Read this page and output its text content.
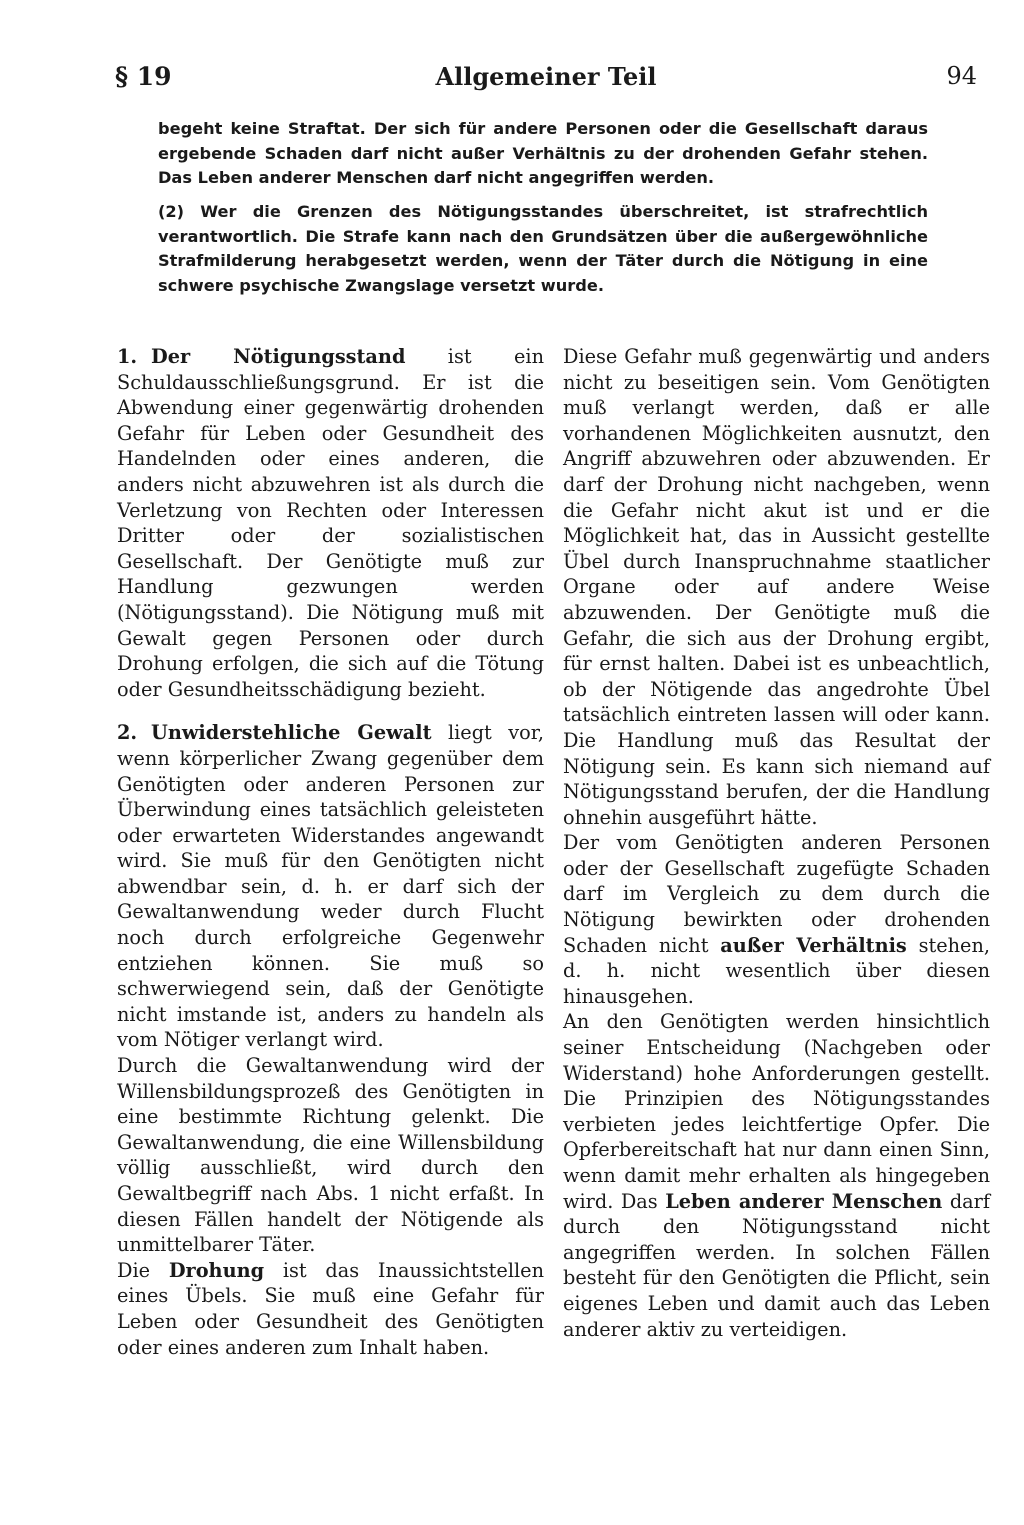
§ 19	Allgemeiner Teil	94
begeht keine Straftat. Der sich für andere Personen oder die Gesellschaft daraus ergebende Schaden darf nicht außer Verhältnis zu der drohenden Gefahr stehen. Das Leben anderer Menschen darf nicht angegriffen werden.
(2) Wer die Grenzen des Nötigungsstandes überschreitet, ist strafrechtlich verantwortlich. Die Strafe kann nach den Grundsätzen über die außergewöhnliche Strafmilderung herabgesetzt werden, wenn der Täter durch die Nötigung in eine schwere psychische Zwangslage versetzt wurde.

1. Der Nötigungsstand ist ein Schuldausschließungsgrund. Er ist die Abwendung einer gegenwärtig drohenden Gefahr für Leben oder Gesundheit des Handelnden oder eines anderen, die anders nicht abzuwehren ist als durch die Verletzung von Rechten oder Interessen Dritter oder der sozialistischen Gesellschaft. Der Genötigte muß zur Handlung gezwungen werden (Nötigungsstand). Die Nötigung muß mit Gewalt gegen Personen oder durch Drohung erfolgen, die sich auf die Tötung oder Gesundheitsschädigung bezieht.

2. Unwiderstehliche Gewalt liegt vor, wenn körperlicher Zwang gegenüber dem Genötigten oder anderen Personen zur Überwindung eines tatsächlich geleisteten oder erwarteten Widerstandes angewandt wird. Sie muß für den Genötigten nicht abwendbar sein, d. h. er darf sich der Gewaltanwendung weder durch Flucht noch durch erfolgreiche Gegenwehr entziehen können. Sie muß so schwerwiegend sein, daß der Genötigte nicht imstande ist, anders zu handeln als vom Nötiger verlangt wird.

Durch die Gewaltanwendung wird der Willensbildungsprozeß des Genötigten in eine bestimmte Richtung gelenkt. Die Gewaltanwendung, die eine Willensbildung völlig ausschließt, wird durch den Gewaltbegriff nach Abs. 1 nicht erfaßt. In diesen Fällen handelt der Nötigende als unmittelbarer Täter.

Die Drohung ist das Inaussichtstellen eines Übels. Sie muß eine Gefahr für Leben oder Gesundheit des Genötigten oder eines anderen zum Inhalt haben.

Diese Gefahr muß gegenwärtig und anders nicht zu beseitigen sein. Vom Genötigten muß verlangt werden, daß er alle vorhandenen Möglichkeiten ausnutzt, den Angriff abzuwehren oder abzuwenden. Er darf der Drohung nicht nachgeben, wenn die Gefahr nicht akut ist und er die Möglichkeit hat, das in Aussicht gestellte Übel durch Inanspruchnahme staatlicher Organe oder auf andere Weise abzuwenden. Der Genötigte muß die Gefahr, die sich aus der Drohung ergibt, für ernst halten. Dabei ist es unbeachtlich, ob der Nötigende das angedrohte Übel tatsächlich eintreten lassen will oder kann. Die Handlung muß das Resultat der Nötigung sein. Es kann sich niemand auf Nötigungsstand berufen, der die Handlung ohnehin ausgeführt hätte.

Der vom Genötigten anderen Personen oder der Gesellschaft zugefügte Schaden darf im Vergleich zu dem durch die Nötigung bewirkten oder drohenden Schaden nicht außer Verhältnis stehen, d. h. nicht wesentlich über diesen hinausgehen.

An den Genötigten werden hinsichtlich seiner Entscheidung (Nachgeben oder Widerstand) hohe Anforderungen gestellt. Die Prinzipien des Nötigungsstandes verbieten jedes leichtfertige Opfer. Die Opferbereitschaft hat nur dann einen Sinn, wenn damit mehr erhalten als hingegeben wird. Das Leben anderer Menschen darf durch den Nötigungsstand nicht angegriffen werden. In solchen Fällen besteht für den Genötigten die Pflicht, sein eigenes Leben und damit auch das Leben anderer aktiv zu verteidigen.
